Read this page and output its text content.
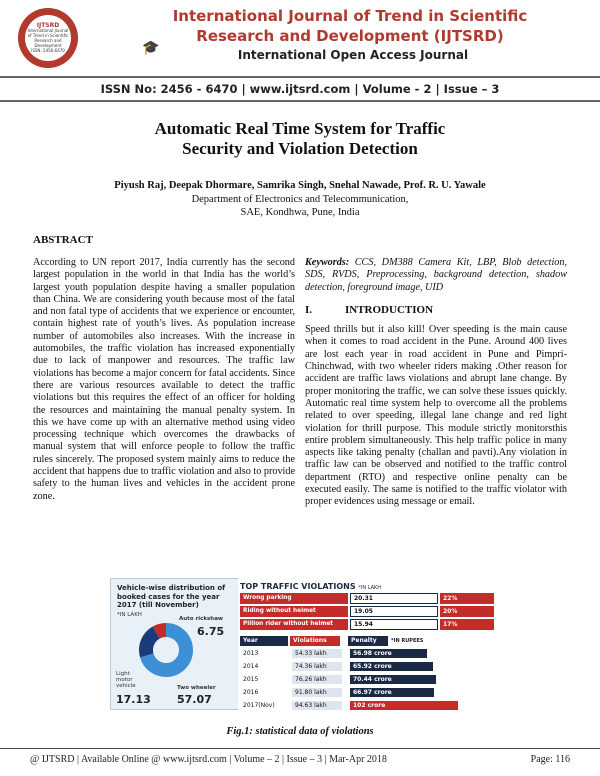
IJTSRD
International Journal
of Trend in Scientific
Research and
Development
ISSN: 2456-6470
International Journal of Trend in Scientific
Research and Development (IJTSRD)
🎓	International Open Access Journal
ISSN No: 2456 - 6470 | www.ijtsrd.com | Volume - 2 | Issue – 3
Automatic Real Time System for Traffic
Security and Violation Detection
Piyush Raj, Deepak Dhormare, Samrika Singh, Snehal Nawade, Prof. R. U. Yawale
Department of Electronics and Telecommunication,
SAE, Kondhwa, Pune, India
ABSTRACT
According to UN report 2017, India currently has the second largest population in the world in that India has the world’s largest youth population despite having a smaller population than China. We are considering youth because most of the fatal and non fatal type of accidents that we experience or encounter, contain highest rate of youth’s lives. As population increase number of automobiles also increases. With the increase in automobiles, the traffic violation has increased exponentially due to lack of manpower and resources. The traffic law violations has become a major concern for fatal accidents. Since there are various resources available to detect the traffic violations but this requires the effect of an officer for holding the resources and maintaining the manual penalty system. In this we have come up with an alternative method using video processing technique which overcomes the drawbacks of manual system that will enforce people to follow the traffic rules sincerely. The proposed system mainly aims to reduce the accident that happens due to traffic violation and also to provide safety to the human lives and vehicles in the accident prone zone.
Keywords: CCS, DM388 Camera Kit, LBP, Blob detection, SDS, RVDS, Preprocessing, background detection, shadow detection, foreground image, UID
I.	INTRODUCTION
Speed thrills but it also kill! Over speeding is the main cause when it comes to road accident in the Pune. Around 400 lives are lost each year in road accident in Pune and Pimpri-Chinchwad, with two wheeler riders making .Other reason for accident are traffic laws violations and abrupt lane change. By proper monitoring the traffic, we can solve these issues quickly. Automatic real time system help to overcome all the problems related to over speeding, illegal lane change and red light violation for thrill purpose. This module strictly monitorsthis entire problem simultaneously. This help traffic police in many aspects like taking penalty (challan and pavti).Any violation in traffic law can be observed and notified to the traffic control department (RTO) and respective online penalty can be executed easily. The same is notified to the traffic violator with proper evidences using message or email.
Vehicle-wise distribution of
booked cases for the year
2017 (till November)
*IN LAKH
Auto rickshaw
6.75
Light
motor
vehicle
17.13
Two wheeler
57.07
TOP TRAFFIC VIOLATIONS *IN LAKH
Wrong parking	20.31	22%
Riding without helmet	19.05	20%
Pillion rider without helmet	15.94	17%
Year	Violations	Penalty	*IN RUPEES
2013	54.33 lakh	56.98 crore
2014	74.36 lakh	65.92 crore
2015	76.26 lakh	70.44 crore
2016	91.80 lakh	66.97 crore
2017(Nov)	94.63 lakh	102 crore
Fig.1: statistical data of violations
@ IJTSRD | Available Online @ www.ijtsrd.com | Volume – 2 | Issue – 3 | Mar-Apr 2018	Page: 116
